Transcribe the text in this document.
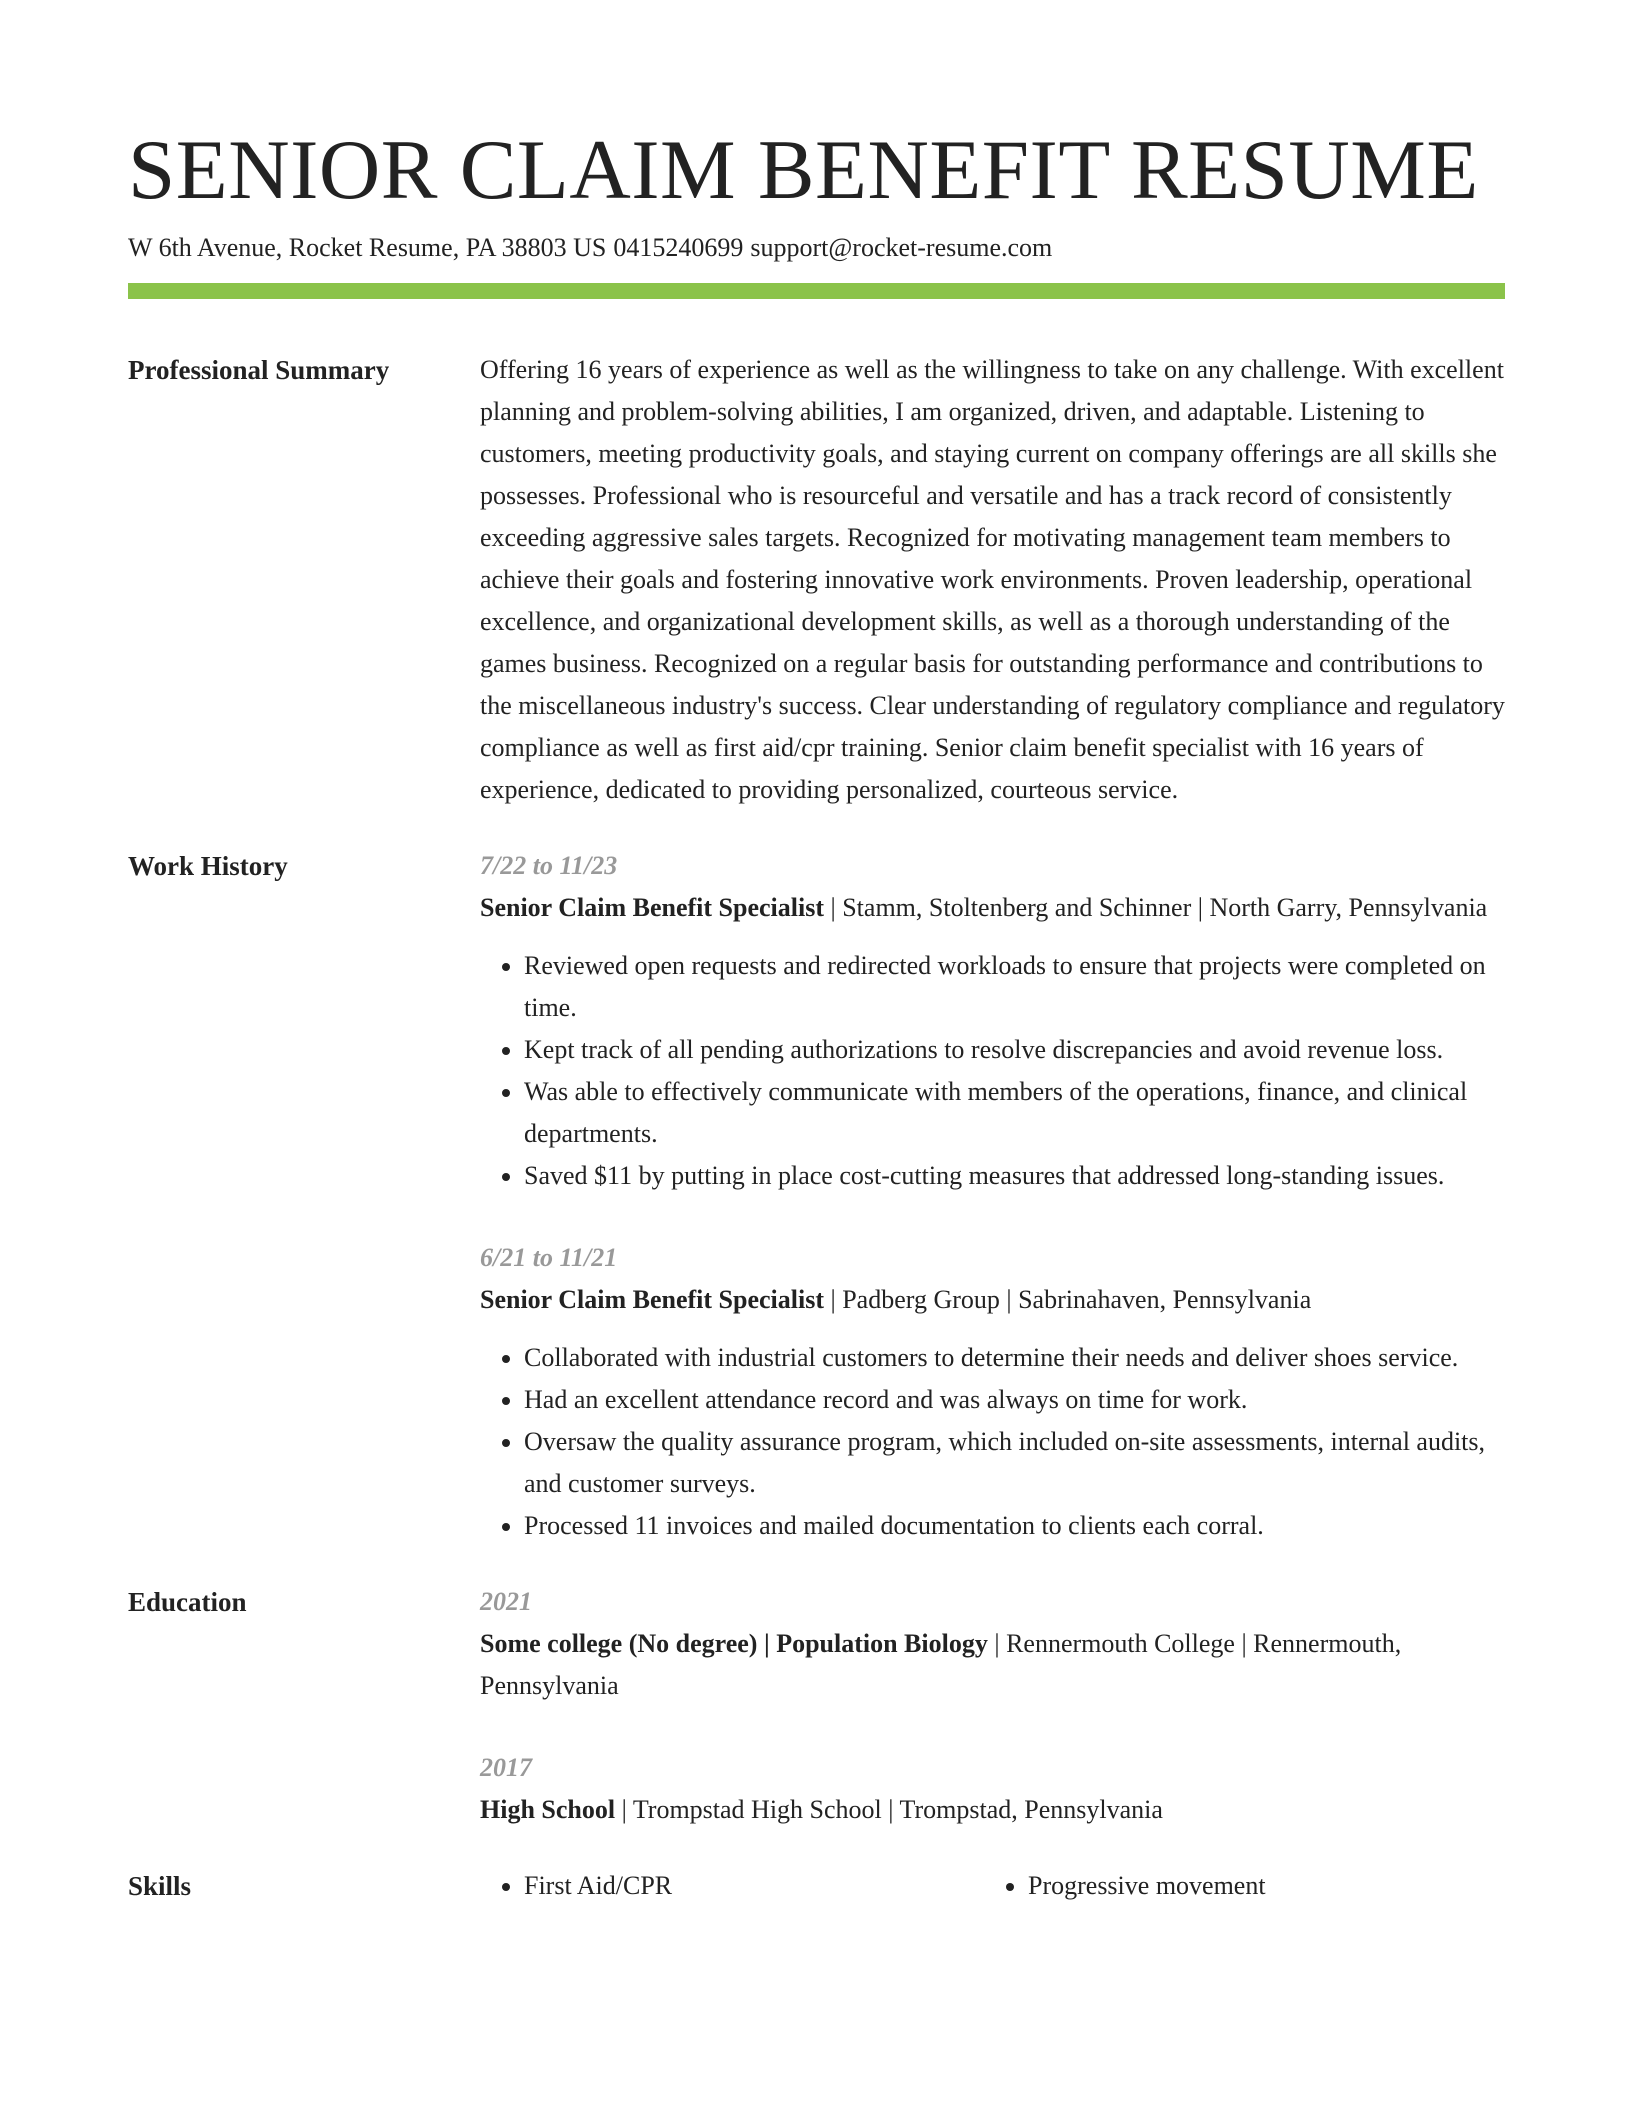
SENIOR CLAIM BENEFIT RESUME
W 6th Avenue, Rocket Resume, PA 38803 US 0415240699 support@rocket-resume.com
Professional Summary	Offering 16 years of experience as well as the willingness to take on any challenge. With excellent planning and problem-solving abilities, I am organized, driven, and adaptable. Listening to customers, meeting productivity goals, and staying current on company offerings are all skills she possesses. Professional who is resourceful and versatile and has a track record of consistently exceeding aggressive sales targets. Recognized for motivating management team members to achieve their goals and fostering innovative work environments. Proven leadership, operational excellence, and organizational development skills, as well as a thorough understanding of the games business. Recognized on a regular basis for outstanding performance and contributions to the miscellaneous industry's success. Clear understanding of regulatory compliance and regulatory compliance as well as first aid/cpr training. Senior claim benefit specialist with 16 years of experience, dedicated to providing personalized, courteous service.

Work History	7/22 to 11/23
Senior Claim Benefit Specialist | Stamm, Stoltenberg and Schinner | North Garry, Pennsylvania
• Reviewed open requests and redirected workloads to ensure that projects were completed on time.
• Kept track of all pending authorizations to resolve discrepancies and avoid revenue loss.
• Was able to effectively communicate with members of the operations, finance, and clinical departments.
• Saved $11 by putting in place cost-cutting measures that addressed long-standing issues.
6/21 to 11/21
Senior Claim Benefit Specialist | Padberg Group | Sabrinahaven, Pennsylvania
• Collaborated with industrial customers to determine their needs and deliver shoes service.
• Had an excellent attendance record and was always on time for work.
• Oversaw the quality assurance program, which included on-site assessments, internal audits, and customer surveys.
• Processed 11 invoices and mailed documentation to clients each corral.
Education	2021
Some college (No degree) | Population Biology | Rennermouth College | Rennermouth, Pennsylvania
2017
High School | Trompstad High School | Trompstad, Pennsylvania
Skills	• First Aid/CPR	• Progressive movement
